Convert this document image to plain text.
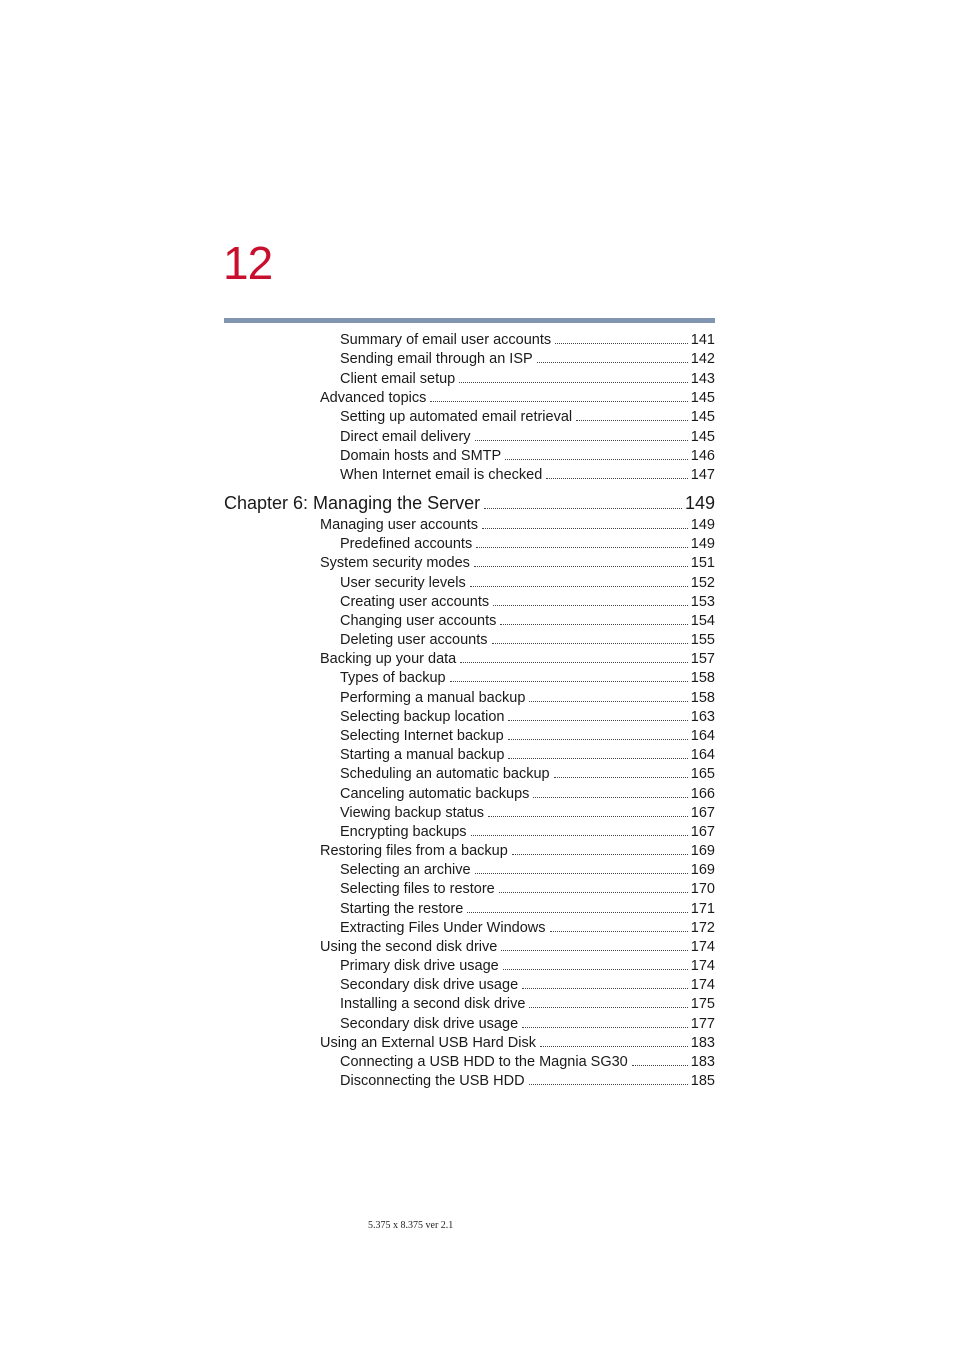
12
Summary of email user accounts	141
Sending email through an ISP	142
Client email setup	143
Advanced topics	145
Setting up automated email retrieval	145
Direct email delivery	145
Domain hosts and SMTP	146
When Internet email is checked	147
Chapter 6: Managing the Server	149
Managing user accounts	149
Predefined accounts	149
System security modes	151
User security levels	152
Creating user accounts	153
Changing user accounts	154
Deleting user accounts	155
Backing up your data	157
Types of backup	158
Performing a manual backup	158
Selecting backup location	163
Selecting Internet backup	164
Starting a manual backup	164
Scheduling an automatic backup	165
Canceling automatic backups	166
Viewing backup status	167
Encrypting backups	167
Restoring files from a backup	169
Selecting an archive	169
Selecting files to restore	170
Starting the restore	171
Extracting Files Under Windows	172
Using the second disk drive	174
Primary disk drive usage	174
Secondary disk drive usage	174
Installing a second disk drive	175
Secondary disk drive usage	177
Using an External USB Hard Disk	183
Connecting a USB HDD to the Magnia SG30	183
Disconnecting the USB HDD	185
5.375 x 8.375 ver 2.1
